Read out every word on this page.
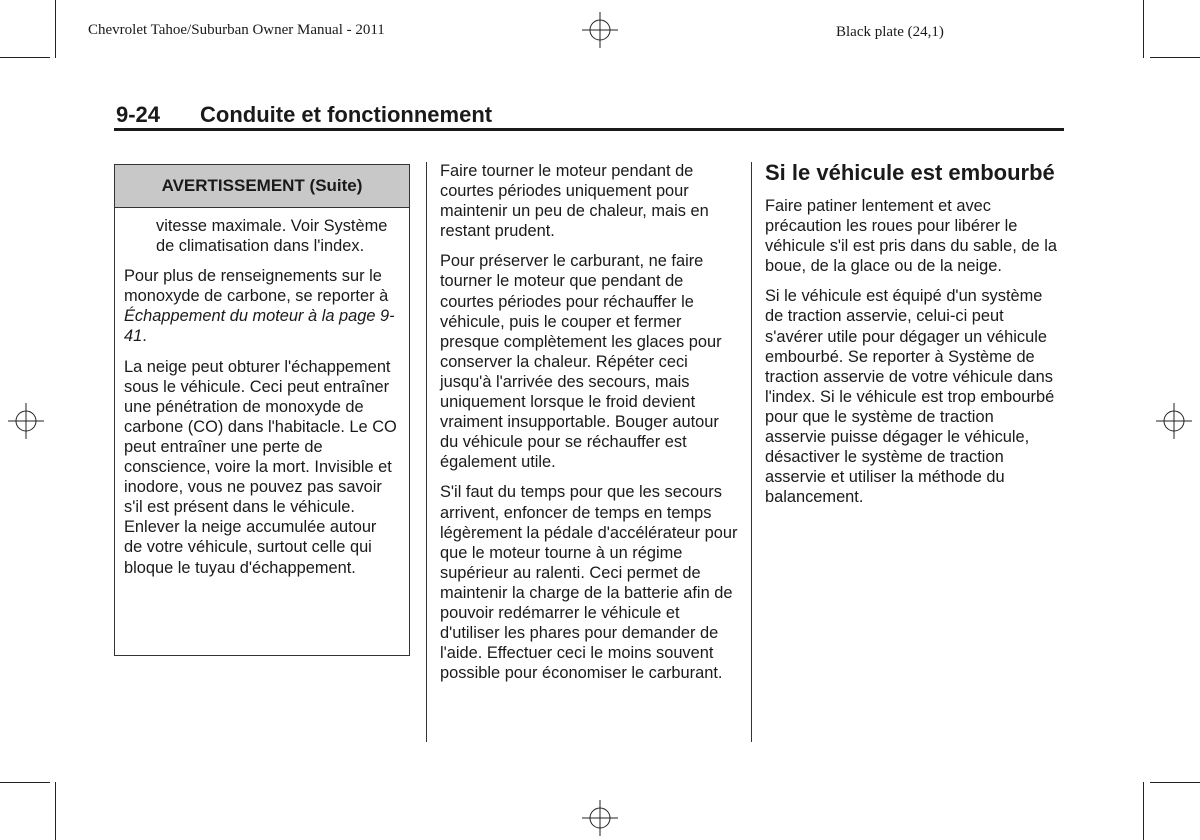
Chevrolet Tahoe/Suburban Owner Manual - 2011	Black plate (24,1)
9-24 Conduite et fonctionnement
AVERTISSEMENT (Suite)

vitesse maximale. Voir Système de climatisation dans l'index.

Pour plus de renseignements sur le monoxyde de carbone, se reporter à Échappement du moteur à la page 9-41.

La neige peut obturer l'échappement sous le véhicule. Ceci peut entraîner une pénétration de monoxyde de carbone (CO) dans l'habitacle. Le CO peut entraîner une perte de conscience, voire la mort. Invisible et inodore, vous ne pouvez pas savoir s'il est présent dans le véhicule. Enlever la neige accumulée autour de votre véhicule, surtout celle qui bloque le tuyau d'échappement.

Faire tourner le moteur pendant de courtes périodes uniquement pour maintenir un peu de chaleur, mais en restant prudent.

Pour préserver le carburant, ne faire tourner le moteur que pendant de courtes périodes pour réchauffer le véhicule, puis le couper et fermer presque complètement les glaces pour conserver la chaleur. Répéter ceci jusqu'à l'arrivée des secours, mais uniquement lorsque le froid devient vraiment insupportable. Bouger autour du véhicule pour se réchauffer est également utile.

S'il faut du temps pour que les secours arrivent, enfoncer de temps en temps légèrement la pédale d'accélérateur pour que le moteur tourne à un régime supérieur au ralenti. Ceci permet de maintenir la charge de la batterie afin de pouvoir redémarrer le véhicule et d'utiliser les phares pour demander de l'aide. Effectuer ceci le moins souvent possible pour économiser le carburant.

Si le véhicule est embourbé

Faire patiner lentement et avec précaution les roues pour libérer le véhicule s'il est pris dans du sable, de la boue, de la glace ou de la neige.

Si le véhicule est équipé d'un système de traction asservie, celui-ci peut s'avérer utile pour dégager un véhicule embourbé. Se reporter à Système de traction asservie de votre véhicule dans l'index. Si le véhicule est trop embourbé pour que le système de traction asservie puisse dégager le véhicule, désactiver le système de traction asservie et utiliser la méthode du balancement.
